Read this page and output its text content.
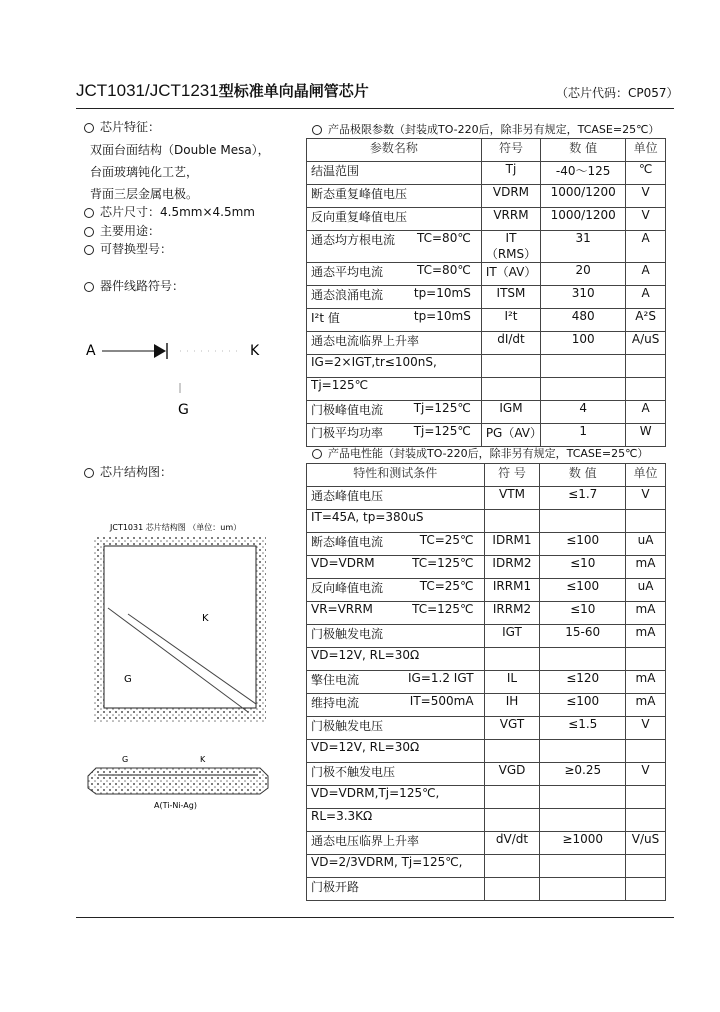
JCT1031/JCT1231型标准单向晶闸管芯片	（芯片代码：CP057）
芯片特征：
双面台面结构（Double Mesa），
台面玻璃钝化工艺，
背面三层金属电极。
芯片尺寸：4.5mm×4.5mm
主要用途：
可替换型号：
器件线路符号：
A	K
G
芯片结构图：
JCT1031 芯片结构图 （单位：um）
K
G
G	K
A(Ti-Ni-Ag)
产品极限参数（封装成TO-220后，除非另有规定，TCASE=25℃）
参数名称	符号	数 值	单位
结温范围	Tj	-40～125	℃
断态重复峰值电压	VDRM	1000/1200	V
反向重复峰值电压	VRRM	1000/1200	V
通态均方根电流 TC=80℃	IT（RMS）	31	A
通态平均电流 TC=80℃	IT（AV）	20	A
通态浪涌电流 tp=10mS	ITSM	310	A
I²t 值 tp=10mS	I²t	480	A²S
通态电流临界上升率	dI/dt	100	A/uS
IG=2×IGT,tr≤100nS,

Tj=125℃

门极峰值电流 Tj=125℃	IGM	4	A
门极平均功率 Tj=125℃	PG（AV）	1	W
产品电性能（封装成TO-220后，除非另有规定，TCASE=25℃）
特性和测试条件	符 号	数 值	单位
通态峰值电压	VTM	≤1.7	V
IT=45A, tp=380uS

断态峰值电流 TC=25℃	IDRM1	≤100	uA
VD=VDRM TC=125℃	IDRM2	≤10	mA
反向峰值电流 TC=25℃	IRRM1	≤100	uA
VR=VRRM TC=125℃	IRRM2	≤10	mA
门极触发电流	IGT	15-60	mA
VD=12V, RL=30Ω

擎住电流 IG=1.2 IGT	IL	≤120	mA
维持电流 IT=500mA	IH	≤100	mA
门极触发电压	VGT	≤1.5	V
VD=12V, RL=30Ω

门极不触发电压	VGD	≥0.25	V
VD=VDRM,Tj=125℃,

RL=3.3KΩ

通态电压临界上升率	dV/dt	≥1000	V/uS
VD=2/3VDRM, Tj=125℃,

门极开路
